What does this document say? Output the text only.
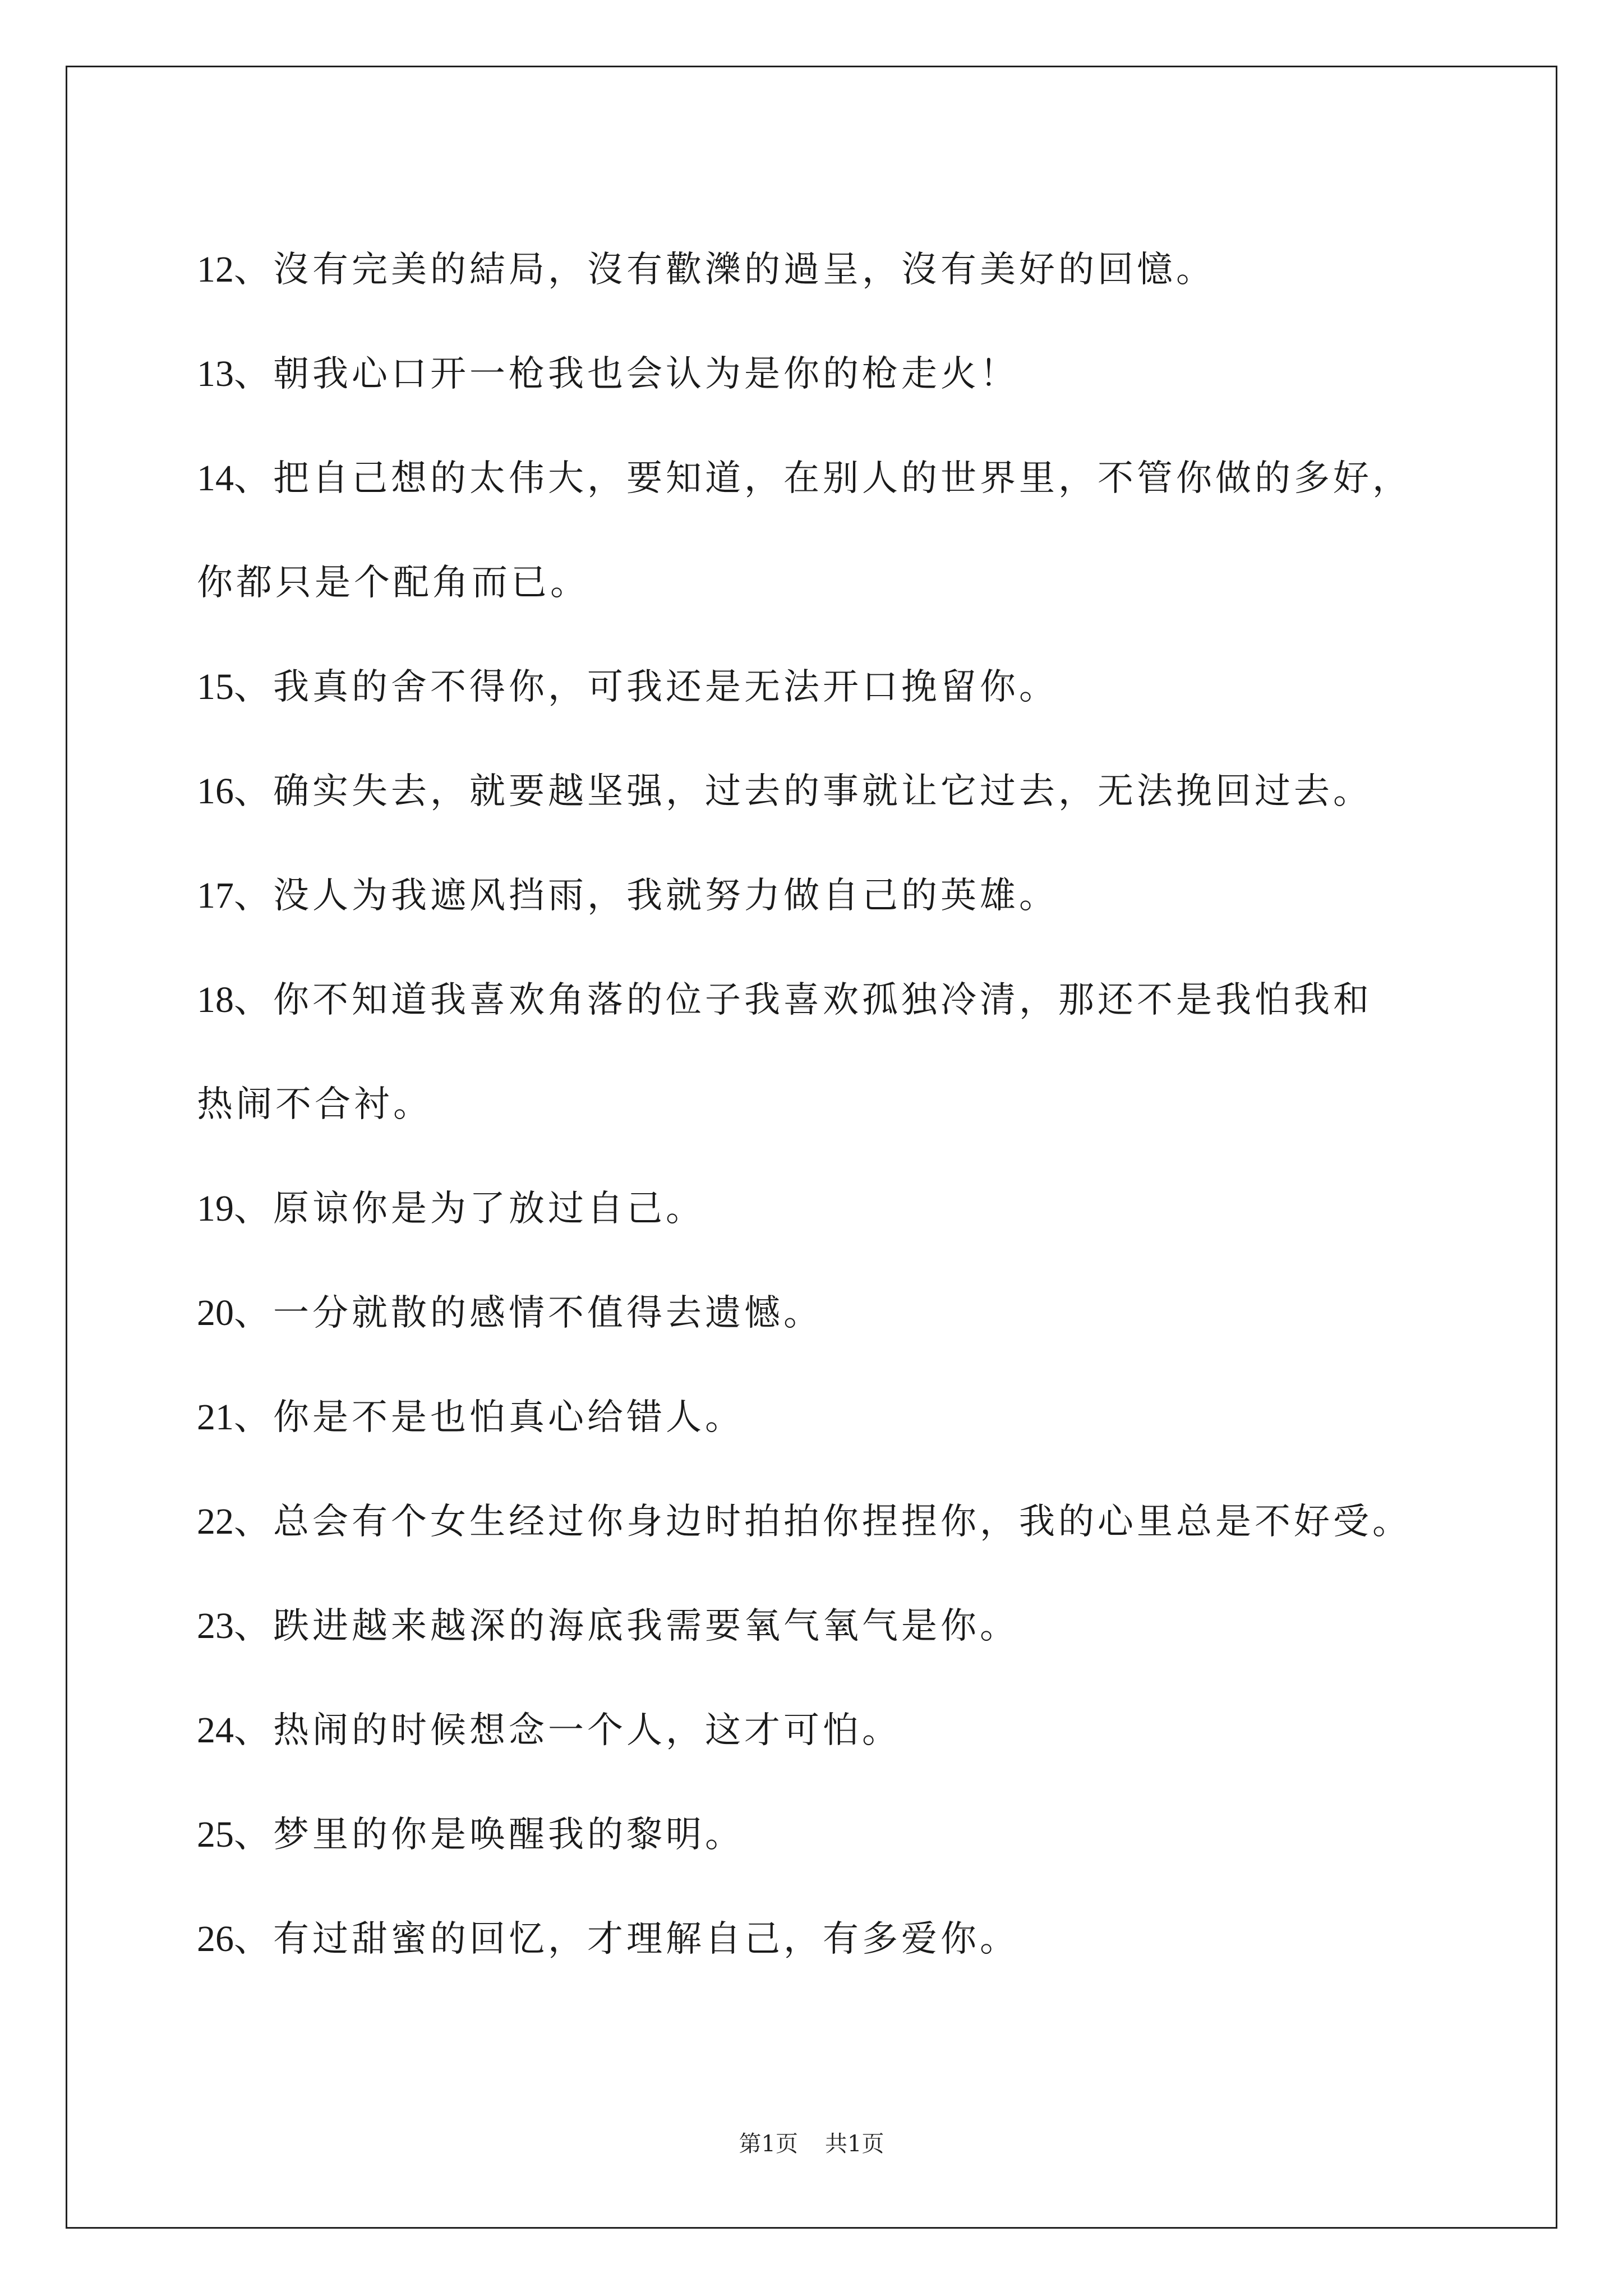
12、沒有完美的結局，沒有歡濼的過呈，沒有美好的回憶。

13、朝我心口开一枪我也会认为是你的枪走火！

14、把自己想的太伟大，要知道，在别人的世界里，不管你做的多好，

你都只是个配角而已。

15、我真的舍不得你，可我还是无法开口挽留你。

16、确实失去，就要越坚强，过去的事就让它过去，无法挽回过去。

17、没人为我遮风挡雨，我就努力做自己的英雄。

18、你不知道我喜欢角落的位子我喜欢孤独冷清，那还不是我怕我和

热闹不合衬。

19、原谅你是为了放过自己。

20、一分就散的感情不值得去遗憾。

21、你是不是也怕真心给错人。

22、总会有个女生经过你身边时拍拍你捏捏你，我的心里总是不好受。

23、跌进越来越深的海底我需要氧气氧气是你。

24、热闹的时候想念一个人，这才可怕。

25、梦里的你是唤醒我的黎明。

26、有过甜蜜的回忆，才理解自己，有多爱你。

第1页 共1页
